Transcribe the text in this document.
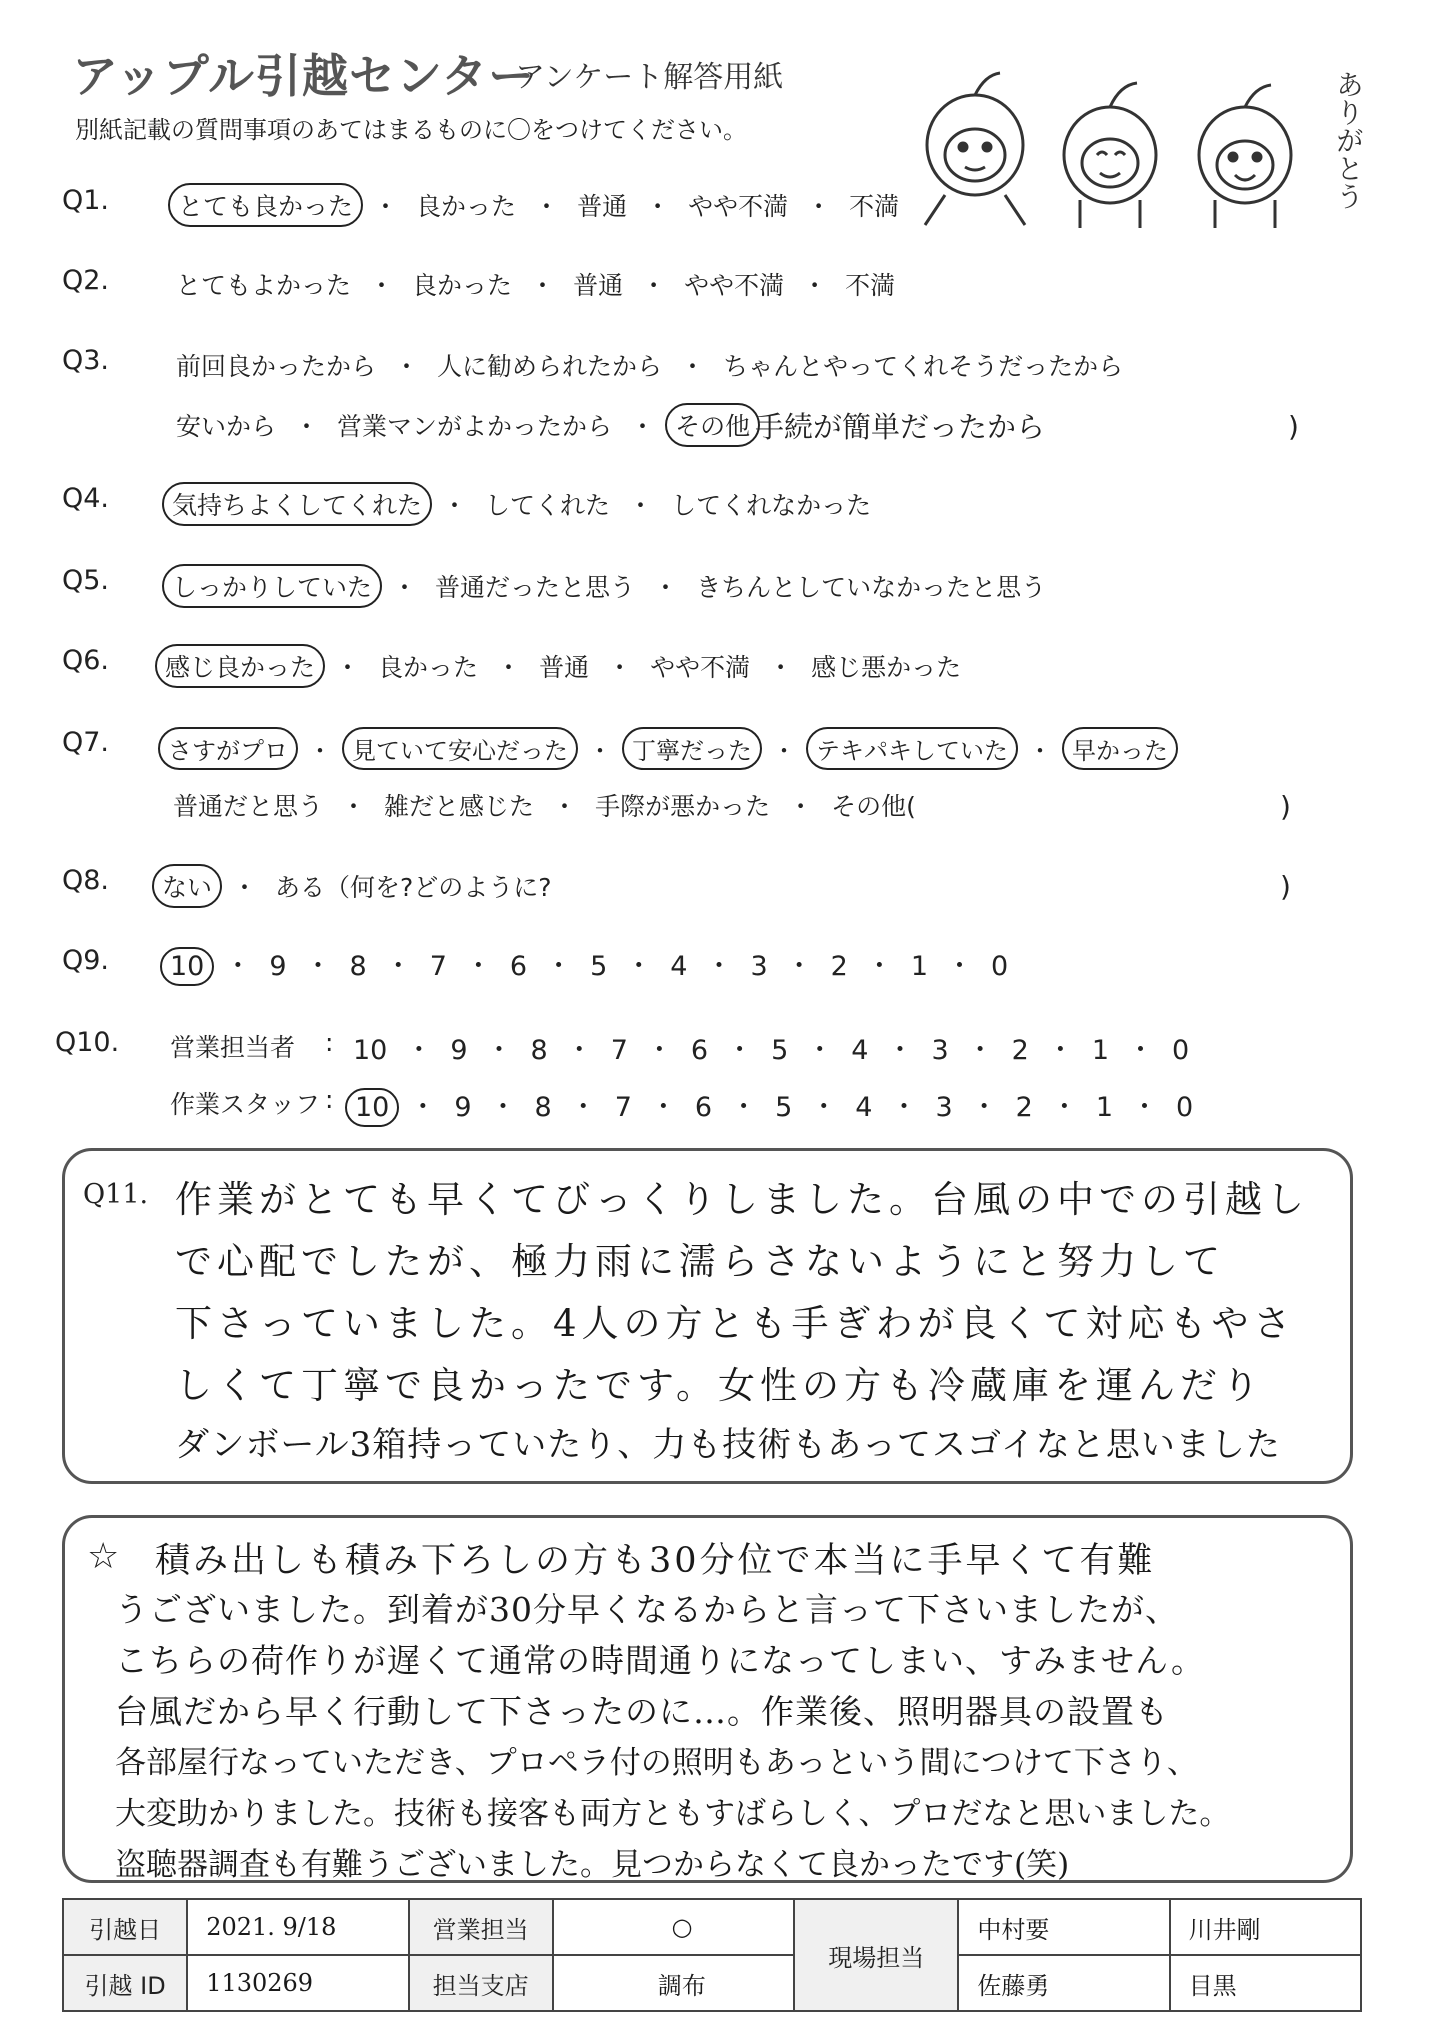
アップル引越センター
アンケート解答用紙
別紙記載の質問事項のあてはまるものに〇をつけてください。	ありがとう
Q1.	とても良かった ・ 良かった ・ 普通 ・ やや不満 ・ 不満
Q2.	とてもよかった ・ 良かった ・ 普通 ・ やや不満 ・ 不満
Q3.	前回良かったから ・ 人に勧められたから ・ ちゃんとやってくれそうだったから
安いから ・ 営業マンがよかったから ・ その他 手続が簡単だったから	)
Q4.	気持ちよくしてくれた ・ してくれた ・ してくれなかった
Q5.	しっかりしていた ・ 普通だったと思う ・ きちんとしていなかったと思う
Q6.	感じ良かった ・ 良かった ・ 普通 ・ やや不満 ・ 感じ悪かった
Q7.	さすがプロ ・ 見ていて安心だった ・ 丁寧だった ・ テキパキしていた ・ 早かった
普通だと思う ・ 雑だと感じた ・ 手際が悪かった ・ その他(	)
Q8.	ない ・ ある（何を?どのように?	)
Q9.	10 ・ 9 ・ 8 ・ 7 ・ 6 ・ 5 ・ 4 ・ 3 ・ 2 ・ 1 ・ 0
Q10. 営業担当者 : 10 ・ 9 ・ 8 ・ 7 ・ 6 ・ 5 ・ 4 ・ 3 ・ 2 ・ 1 ・ 0
作業スタッフ : 10 ・ 9 ・ 8 ・ 7 ・ 6 ・ 5 ・ 4 ・ 3 ・ 2 ・ 1 ・ 0
Q11. 作業がとても早くてびっくりしました。台風の中での引越し
で心配でしたが、極力雨に濡らさないようにと努力して
下さっていました。4人の方とも手ぎわが良くて対応もやさ
しくて丁寧で良かったです。女性の方も冷蔵庫を運んだり
ダンボール3箱持っていたり、力も技術もあってスゴイなと思いました
☆ 積み出しも積み下ろしの方も30分位で本当に手早くて有難
うございました。到着が30分早くなるからと言って下さいましたが、
こちらの荷作りが遅くて通常の時間通りになってしまい、すみません。
台風だから早く行動して下さったのに…。作業後、照明器具の設置も
各部屋行なっていただき、プロペラ付の照明もあっという間につけて下さり、
大変助かりました。技術も接客も両方ともすばらしく、プロだなと思いました。
盗聴器調査も有難うございました。見つからなくて良かったです(笑)
引越日	2021. 9/18	営業担当	○	現場担当	中村要	川井剛
引越 ID	1130269	担当支店	調布		佐藤勇	目黒
